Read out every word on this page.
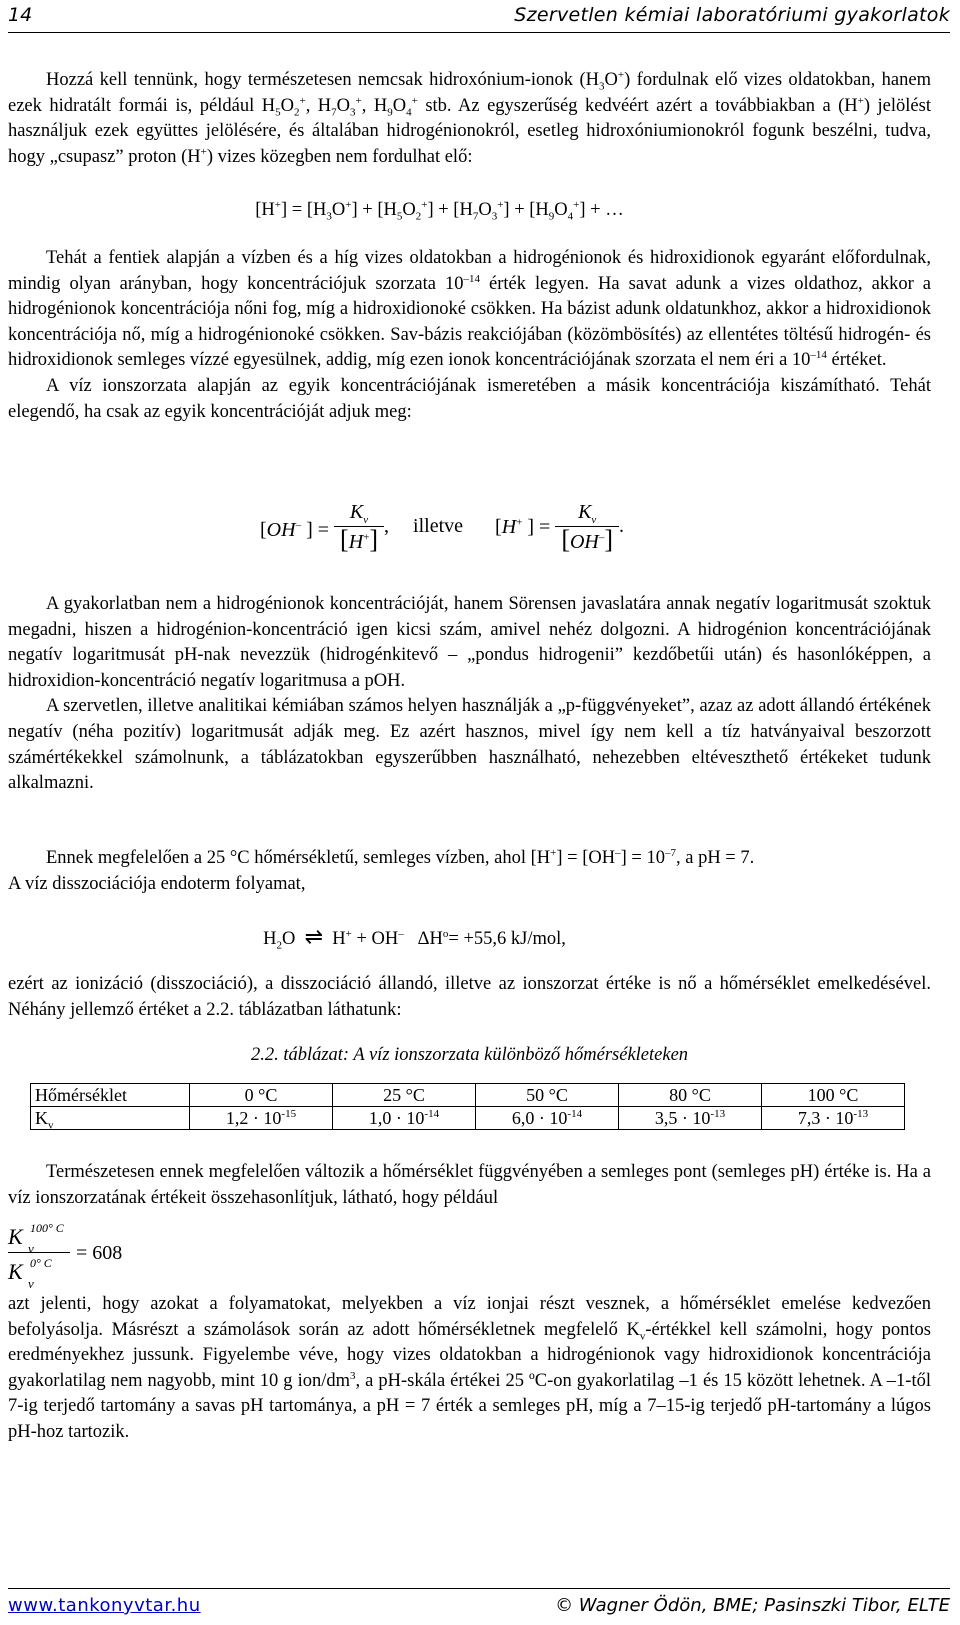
14	Szervetlen kémiai laboratóriumi gyakorlatok

Hozzá kell tennünk, hogy természetesen nemcsak hidroxónium-ionok $(H_3O^+)$ fordulnak elő vizes oldatokban, hanem ezek hidratált formái is, például $H_5O_2^+$, $H_7O_3^+$, $H_9O_4^+$ stb. Az egyszerűség kedvéért azért a továbbiakban a (H+) jelölést használjuk ezek együttes jelölésére, és általában hidrogénionokról, esetleg hidroxóniumionokról fogunk beszélni, tudva, hogy „csupasz” proton (H+) vizes közegben nem fordulhat elő:

$[H^+] = [H_3O^+] + [H_5O_2^+] + [H_7O_3^+] + [H_9O_4^+]$ + …

Tehát a fentiek alapján a vízben és a híg vizes oldatokban a hidrogénionok és hidroxidionok egyaránt előfordulnak, mindig olyan arányban, hogy koncentrációjuk szorzata $10^{-14}$ érték legyen. Ha savat adunk a vizes oldathoz, akkor a hidrogénionok koncentrációja nőni fog, míg a hidroxidionoké csökken. Ha bázist adunk oldatunkhoz, akkor a hidroxidionok koncentrációja nő, míg a hidrogénionoké csökken. Sav-bázis reakciójában (közömbösítés) az ellentétes töltésű hidrogén- és hidroxidionok semleges vízzé egyesülnek, addig, míg ezen ionok koncentrációjának szorzata el nem éri a $10^{-14}$ értéket.

A víz ionszorzata alapján az egyik koncentrációjának ismeretében a másik koncentrációja kiszámítható. Tehát elegendő, ha csak az egyik koncentrációját adjuk meg:

[OH– ] = $\frac{K_v}{[H^+]}$ , illetve [H+ ] = $\frac{K_v}{[OH^-]}$ .

A gyakorlatban nem a hidrogénionok koncentrációját, hanem Sörensen javaslatára annak negatív logaritmusát szoktuk megadni, hiszen a hidrogénion-koncentráció igen kicsi szám, amivel nehéz dolgozni. A hidrogénion koncentrációjának negatív logaritmusát pH-nak nevezzük (hidrogénkitevő – „pondus hidrogenii” kezdőbetűi után) és hasonlóképpen, a hidroxidion-koncentráció negatív logaritmusa a pOH.

A szervetlen, illetve analitikai kémiában számos helyen használják a „p-függvényeket”, azaz az adott állandó értékének negatív (néha pozitív) logaritmusát adják meg. Ez azért hasznos, mivel így nem kell a tíz hatványaival beszorzott számértékekkel számolnunk, a táblázatokban egyszerűbben használható, nehezebben eltéveszthető értékeket tudunk alkalmazni.

Ennek megfelelően a 25 °C hőmérsékletű, semleges vízben, ahol $[H^+] = [OH^-] = 10^{-7}$, a pH = 7.

A víz disszociációja endoterm folyamat,

$H_2O$ ⇌ H+ + OH– $\Delta H^o= +55,6$ kJ/mol,

ezért az ionizáció (disszociáció), a disszociáció állandó, illetve az ionszorzat értéke is nő a hőmérséklet emelkedésével. Néhány jellemző értéket a 2.2. táblázatban láthatunk:

2.2. táblázat: A víz ionszorzata különböző hőmérsékleteken
Hőmérséklet	0 °C	25 °C	50 °C	80 °C	100 °C
$K_v$	$1,2 \cdot 10^{-15}$	$1,0 \cdot 10^{-14}$	$6,0 \cdot 10^{-14}$	$3,5 \cdot 10^{-13}$	$7,3 \cdot 10^{-13}$

Természetesen ennek megfelelően változik a hőmérséklet függvényében a semleges pont (semleges pH) értéke is. Ha a víz ionszorzatának értékeit összehasonlítjuk, látható, hogy például

K v
100° C
K v
0° C = 608

azt jelenti, hogy azokat a folyamatokat, melyekben a víz ionjai részt vesznek, a hőmérséklet emelése kedvezően befolyásolja. Másrészt a számolások során az adott hőmérsékletnek megfelelő $K_v$-értékkel kell számolni, hogy pontos eredményekhez jussunk. Figyelembe véve, hogy vizes oldatokban a hidrogénionok vagy hidroxidionok koncentrációja gyakorlatilag nem nagyobb, mint 10 g ion/$dm^3$, a pH-skála értékei 25 ºC-on gyakorlatilag –1 és 15 között lehetnek. A –1-től 7-ig terjedő tartomány a savas pH tartománya, a pH = 7 érték a semleges pH, míg a 7–15-ig terjedő pH-tartomány a lúgos pH-hoz tartozik.

www.tankonyvtar.hu	© Wagner Ödön, BME; Pasinszki Tibor, ELTE
